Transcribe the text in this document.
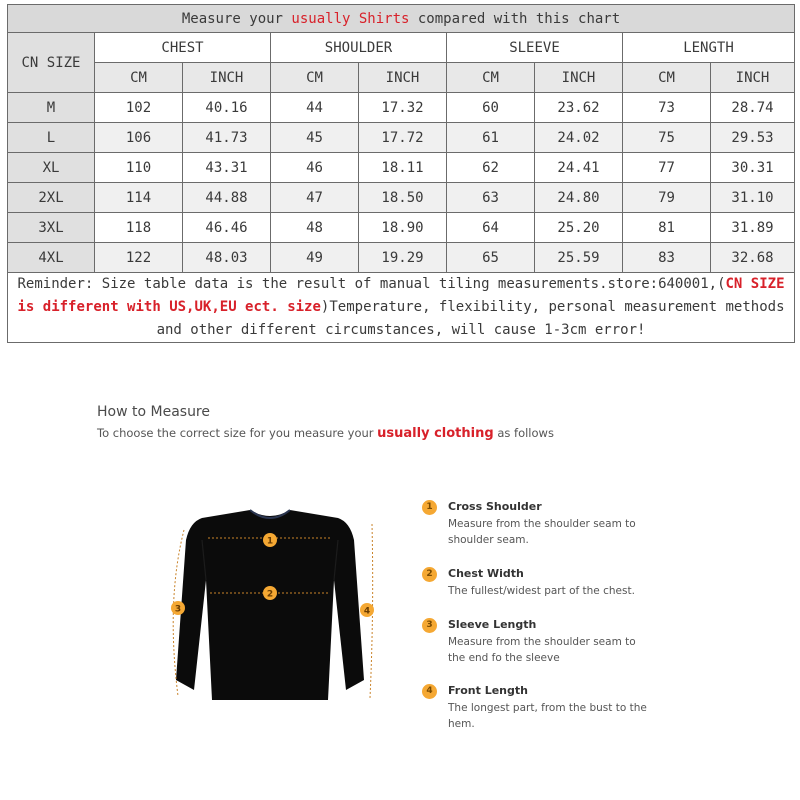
Measure your usually Shirts compared with this chart								
CN SIZE	CHEST		SHOULDER		SLEEVE		LENGTH	
	CM	INCH	CM	INCH	CM	INCH	CM	INCH
M	102	40.16	44	17.32	60	23.62	73	28.74
L	106	41.73	45	17.72	61	24.02	75	29.53
XL	110	43.31	46	18.11	62	24.41	77	30.31
2XL	114	44.88	47	18.50	63	24.80	79	31.10
3XL	118	46.46	48	18.90	64	25.20	81	31.89
4XL	122	48.03	49	19.29	65	25.59	83	32.68
Reminder: Size table data is the result of manual tiling measurements.store:640001,(CN SIZE is different with US,UK,EU ect. size)Temperature, flexibility, personal measurement methods and other different circumstances, will cause 1-3cm error!								
How to Measure
To choose the correct size for you measure your usually clothing as follows
1
2
3	4
1	Cross Shoulder
Measure from the shoulder seam to shoulder seam.
2	Chest Width
The fullest/widest part of the chest.
3	Sleeve Length
Measure from the shoulder seam to the end fo the sleeve
4	Front Length
The longest part, from the bust to the hem.
